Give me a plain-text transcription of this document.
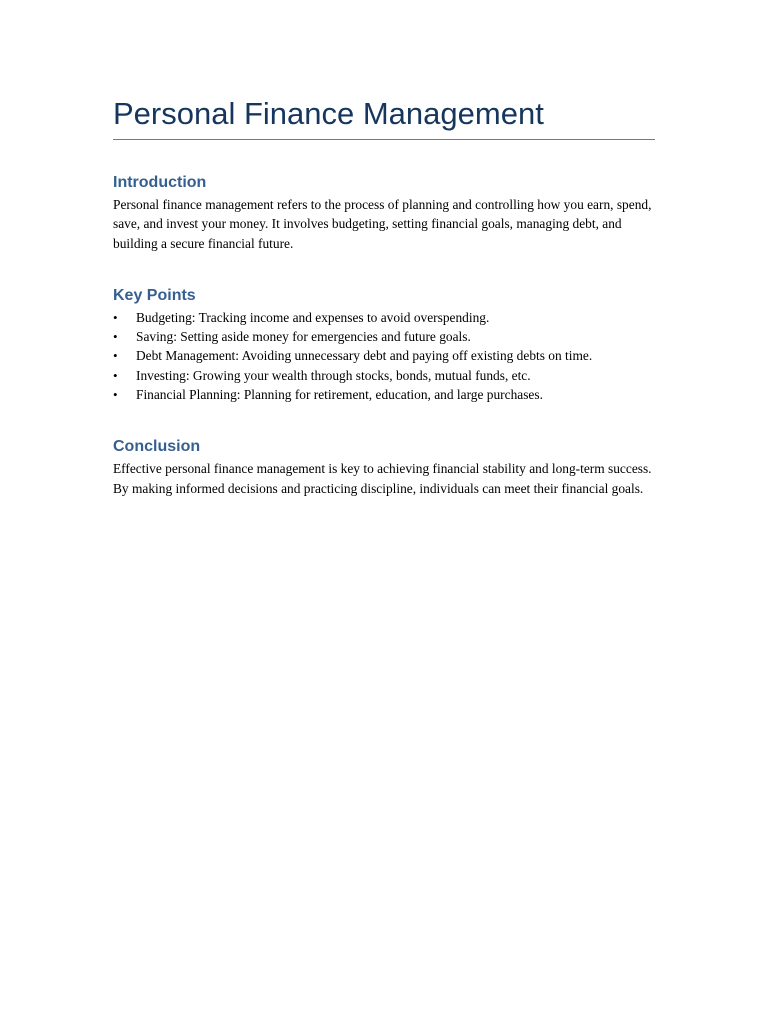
Personal Finance Management
Introduction

Personal finance management refers to the process of planning and controlling how you earn, spend, save, and invest your money. It involves budgeting, setting financial goals, managing debt, and building a secure financial future.

Key Points
• Budgeting: Tracking income and expenses to avoid overspending.
• Saving: Setting aside money for emergencies and future goals.
• Debt Management: Avoiding unnecessary debt and paying off existing debts on time.
• Investing: Growing your wealth through stocks, bonds, mutual funds, etc.
• Financial Planning: Planning for retirement, education, and large purchases.
Conclusion

Effective personal finance management is key to achieving financial stability and long-term success. By making informed decisions and practicing discipline, individuals can meet their financial goals.
